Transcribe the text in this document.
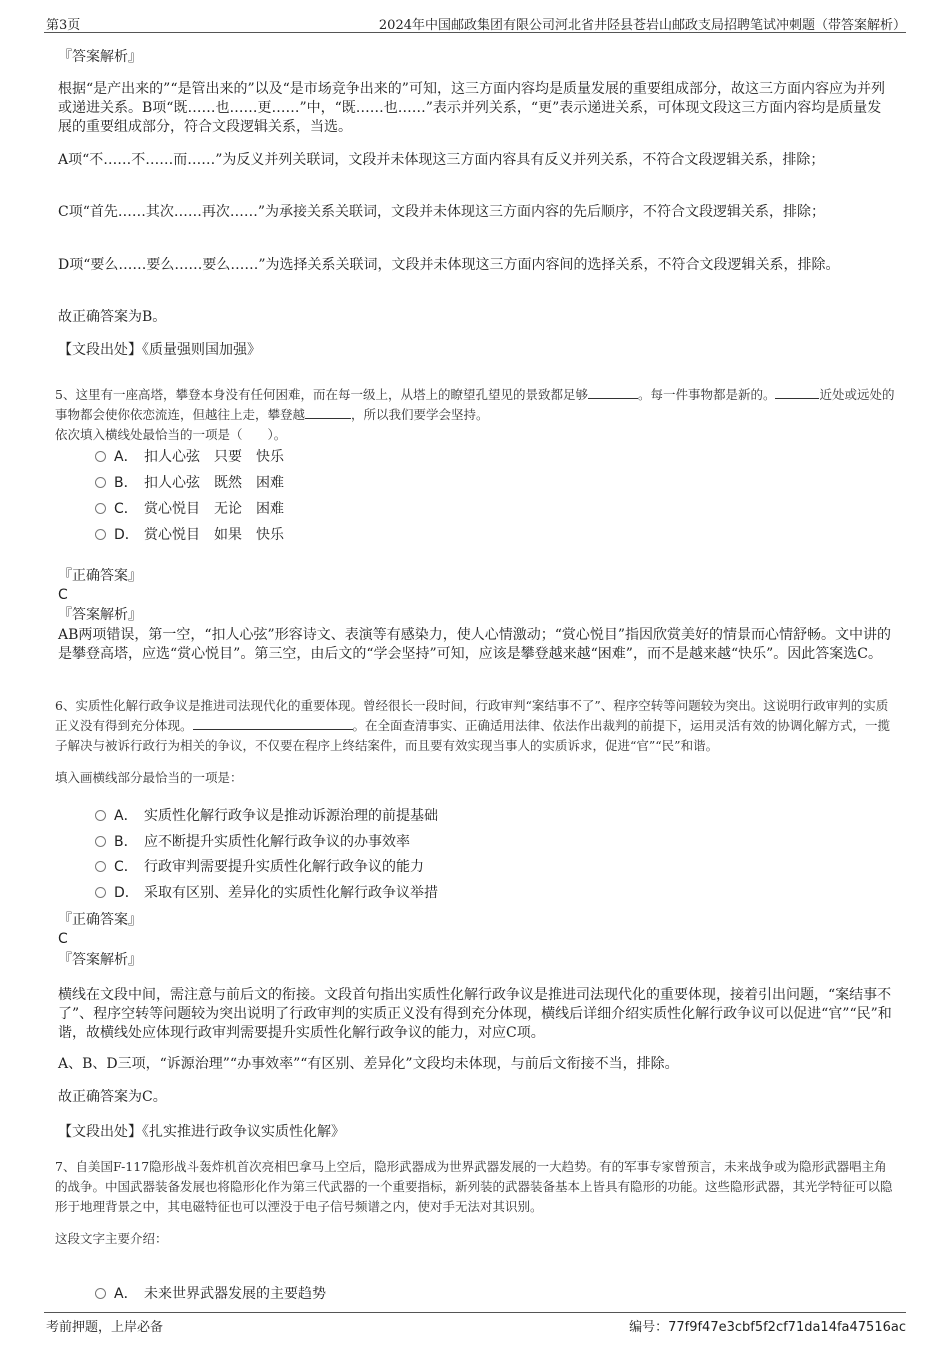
第3页	2024年中国邮政集团有限公司河北省井陉县苍岩山邮政支局招聘笔试冲刺题（带答案解析）
『答案解析』
根据“是产出来的”“是管出来的”以及“是市场竞争出来的”可知，这三方面内容均是质量发展的重要组成部分，故这三方面内容应为并列或递进关系。B项“既……也……更……”中，“既……也……”表示并列关系，“更”表示递进关系，可体现文段这三方面内容均是质量发展的重要组成部分，符合文段逻辑关系，当选。
A项“不……不……而……”为反义并列关联词，文段并未体现这三方面内容具有反义并列关系，不符合文段逻辑关系，排除；
C项“首先……其次……再次……”为承接关系关联词，文段并未体现这三方面内容的先后顺序，不符合文段逻辑关系，排除；
D项“要么……要么……要么……”为选择关系关联词，文段并未体现这三方面内容间的选择关系，不符合文段逻辑关系，排除。
故正确答案为B。
【文段出处】《质量强则国加强》
5、这里有一座高塔，攀登本身没有任何困难，而在每一级上，从塔上的瞭望孔望见的景致都足够	。每一件事物都是新的。	近处或远处的事物都会使你依恋流连，但越往上走，攀登越	，所以我们要学会坚持。
依次填入横线处最恰当的一项是（　　）。
A． 扣人心弦　只要　快乐
B． 扣人心弦　既然　困难
C． 赏心悦目　无论　困难
D． 赏心悦目　如果　快乐
『正确答案』
C
『答案解析』
AB两项错误，第一空，“扣人心弦”形容诗文、表演等有感染力，使人心情激动；“赏心悦目”指因欣赏美好的情景而心情舒畅。文中讲的是攀登高塔，应选“赏心悦目”。第三空，由后文的“学会坚持”可知，应该是攀登越来越“困难”，而不是越来越“快乐”。因此答案选C。
6、实质性化解行政争议是推进司法现代化的重要体现。曾经很长一段时间，行政审判“案结事不了”、程序空转等问题较为突出。这说明行政审判的实质正义没有得到充分体现。	。在全面查清事实、正确适用法律、依法作出裁判的前提下，运用灵活有效的协调化解方式，一揽子解决与被诉行政行为相关的争议，不仅要在程序上终结案件，而且要有效实现当事人的实质诉求，促进“官”“民”和谐。
填入画横线部分最恰当的一项是：
A． 实质性化解行政争议是推动诉源治理的前提基础
B． 应不断提升实质性化解行政争议的办事效率
C． 行政审判需要提升实质性化解行政争议的能力
D． 采取有区别、差异化的实质性化解行政争议举措
『正确答案』
C
『答案解析』
横线在文段中间，需注意与前后文的衔接。文段首句指出实质性化解行政争议是推进司法现代化的重要体现，接着引出问题，“案结事不了”、程序空转等问题较为突出说明了行政审判的实质正义没有得到充分体现，横线后详细介绍实质性化解行政争议可以促进“官”“民”和谐，故横线处应体现行政审判需要提升实质性化解行政争议的能力，对应C项。
A、B、D三项，“诉源治理”“办事效率”“有区别、差异化”文段均未体现，与前后文衔接不当，排除。
故正确答案为C。
【文段出处】《扎实推进行政争议实质性化解》
7、自美国F-117隐形战斗轰炸机首次亮相巴拿马上空后，隐形武器成为世界武器发展的一大趋势。有的军事专家曾预言，未来战争或为隐形武器唱主角的战争。中国武器装备发展也将隐形化作为第三代武器的一个重要指标，新列装的武器装备基本上皆具有隐形的功能。这些隐形武器，其光学特征可以隐形于地理背景之中，其电磁特征也可以湮没于电子信号频谱之内，使对手无法对其识别。
这段文字主要介绍：
A． 未来世界武器发展的主要趋势
考前押题，上岸必备	编号：77f9f47e3cbf5f2cf71da14fa47516ac
